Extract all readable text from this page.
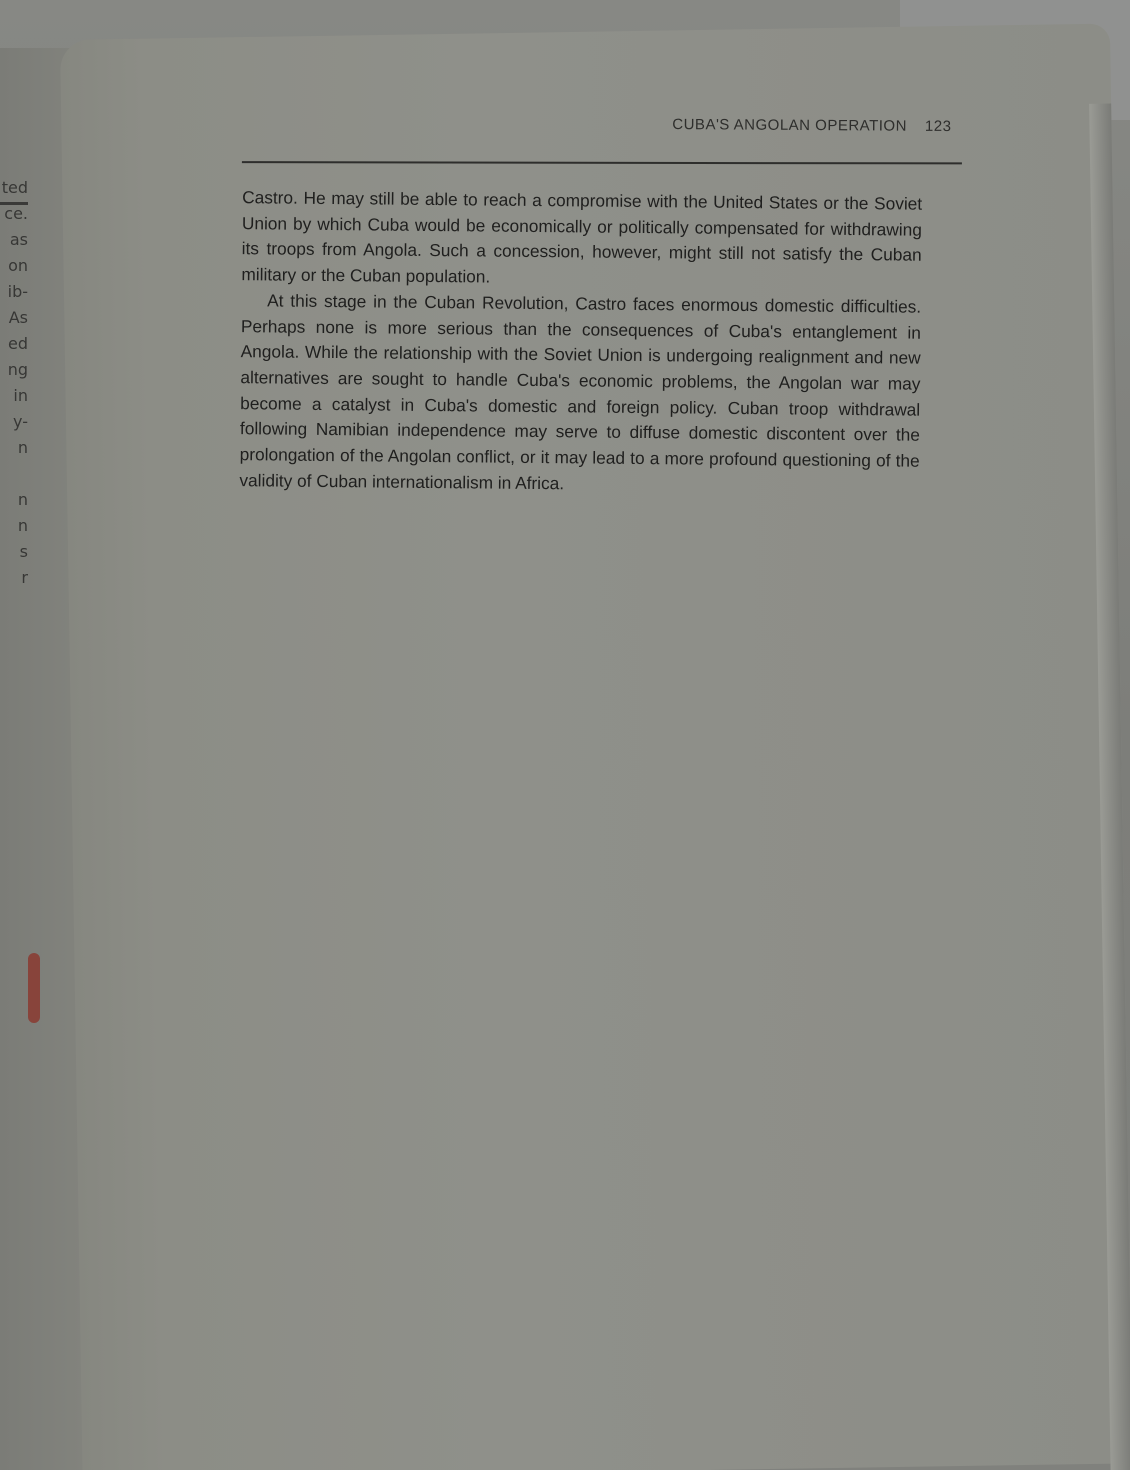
ted
ce.
as
on
ib-
As
ed
ng
in
y-
n
n
n
s
r
CUBA'S ANGOLAN OPERATION 123

Castro. He may still be able to reach a compromise with the United States or the Soviet Union by which Cuba would be economically or politically compensated for withdrawing its troops from Angola. Such a concession, however, might still not satisfy the Cuban military or the Cuban population.

At this stage in the Cuban Revolution, Castro faces enormous domestic difficulties. Perhaps none is more serious than the consequences of Cuba's entanglement in Angola. While the relationship with the Soviet Union is undergoing realignment and new alternatives are sought to handle Cuba's economic problems, the Angolan war may become a catalyst in Cuba's domestic and foreign policy. Cuban troop withdrawal following Namibian independence may serve to diffuse domestic discontent over the prolongation of the Angolan conflict, or it may lead to a more profound questioning of the validity of Cuban internationalism in Africa.
